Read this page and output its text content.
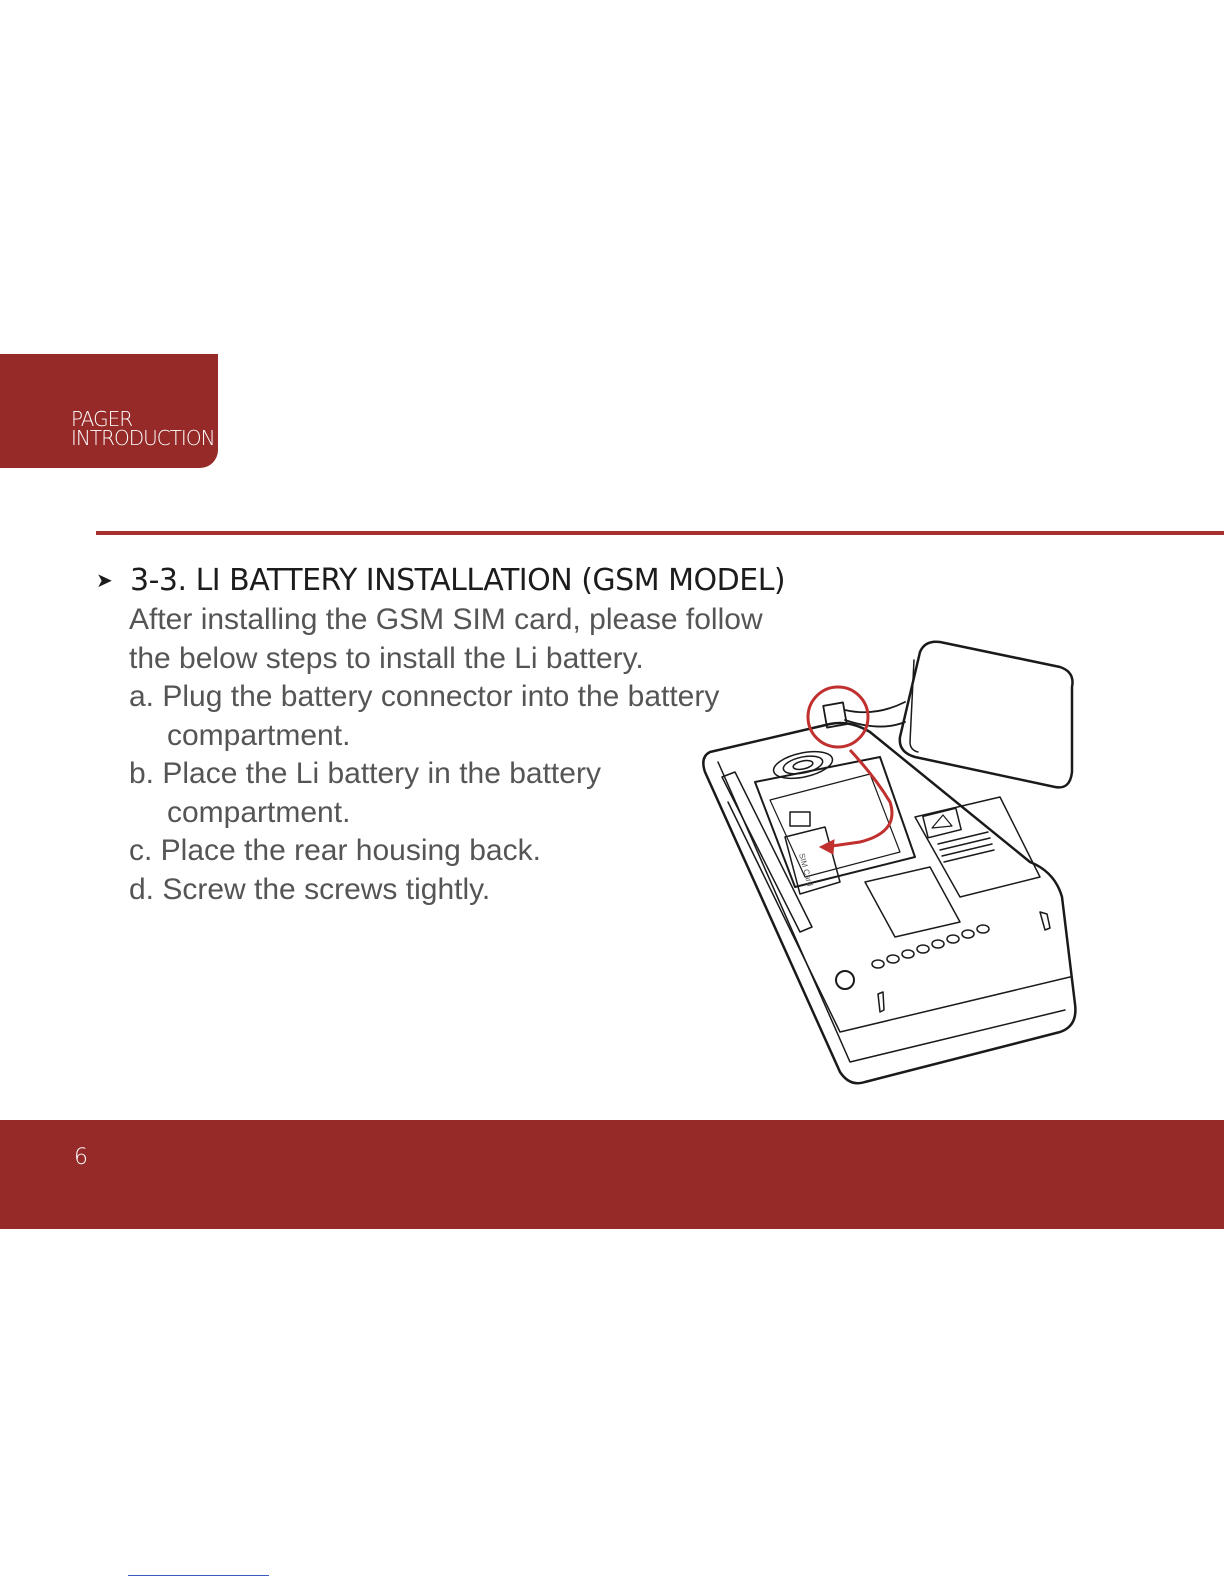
PAGER
INTRODUCTION
➤ 3-3. LI BATTERY INSTALLATION (GSM MODEL)
After installing the GSM SIM card, please follow
the below steps to install the Li battery.
a. Plug the battery connector into the battery
compartment.
b. Place the Li battery in the battery
compartment.
c. Place the rear housing back.
d. Screw the screws tightly.
SIM Card
6
